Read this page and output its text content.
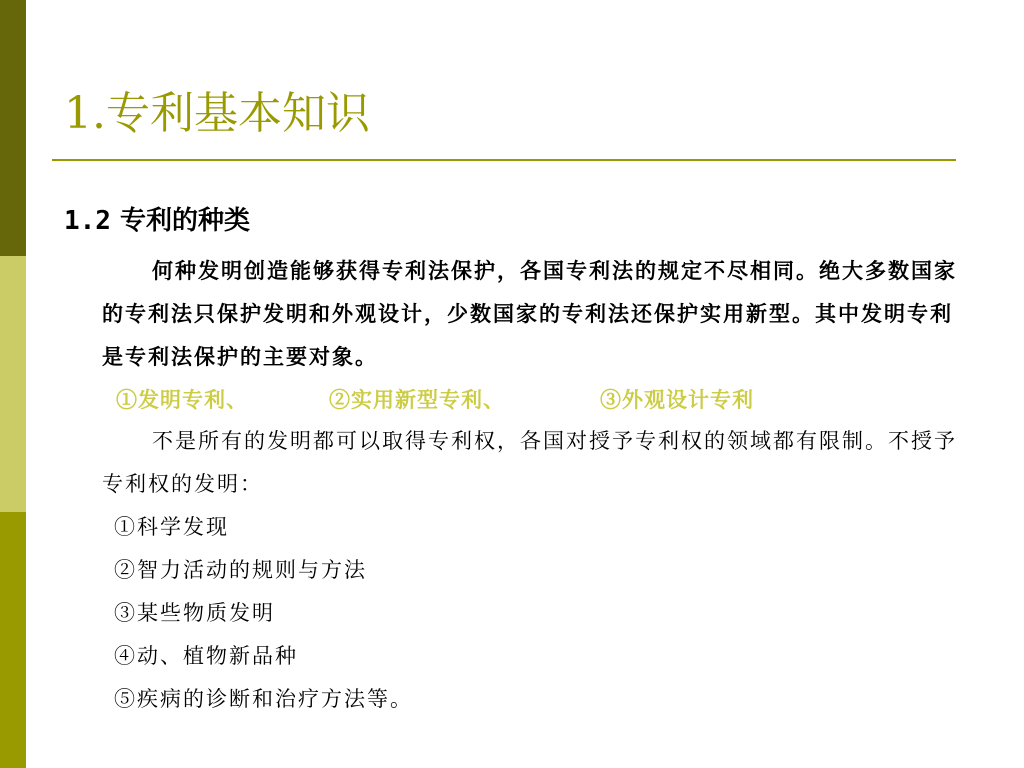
1.专利基本知识
1.2 专利的种类
何种发明创造能够获得专利法保护，各国专利法的规定不尽相同。绝大多数国家的专利法只保护发明和外观设计，少数国家的专利法还保护实用新型。其中发明专利是专利法保护的主要对象。
①发明专利、	②实用新型专利、	③外观设计专利
不是所有的发明都可以取得专利权，各国对授予专利权的领域都有限制。不授予专利权的发明：
①科学发现
②智力活动的规则与方法
③某些物质发明
④动、植物新品种
⑤疾病的诊断和治疗方法等。
